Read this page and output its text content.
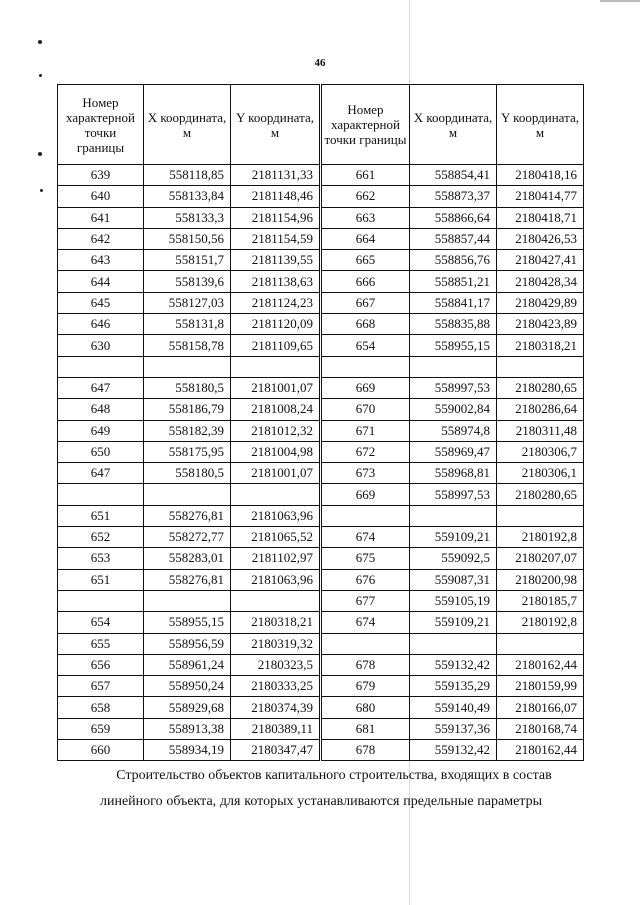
46
Номер характерной точки границы	X координата, м	Y координата, м
639	558118,85	2181131,33
640	558133,84	2181148,46
641	558133,3	2181154,96
642	558150,56	2181154,59
643	558151,7	2181139,55
644	558139,6	2181138,63
645	558127,03	2181124,23
646	558131,8	2181120,09
630	558158,78	2181109,65

647	558180,5	2181001,07
648	558186,79	2181008,24
649	558182,39	2181012,32
650	558175,95	2181004,98
647	558180,5	2181001,07

651	558276,81	2181063,96
652	558272,77	2181065,52
653	558283,01	2181102,97
651	558276,81	2181063,96

654	558955,15	2180318,21
655	558956,59	2180319,32
656	558961,24	2180323,5
657	558950,24	2180333,25
658	558929,68	2180374,39
659	558913,38	2180389,11
660	558934,19	2180347,47
Номер характерной точки границы	X координата, м	Y координата, м
661	558854,41	2180418,16
662	558873,37	2180414,77
663	558866,64	2180418,71
664	558857,44	2180426,53
665	558856,76	2180427,41
666	558851,21	2180428,34
667	558841,17	2180429,89
668	558835,88	2180423,89
654	558955,15	2180318,21

669	558997,53	2180280,65
670	559002,84	2180286,64
671	558974,8	2180311,48
672	558969,47	2180306,7
673	558968,81	2180306,1
669	558997,53	2180280,65

674	559109,21	2180192,8
675	559092,5	2180207,07
676	559087,31	2180200,98
677	559105,19	2180185,7
674	559109,21	2180192,8

678	559132,42	2180162,44
679	559135,29	2180159,99
680	559140,49	2180166,07
681	559137,36	2180168,74
678	559132,42	2180162,44
Строительство объектов капитального строительства, входящих в состав
линейного объекта, для которых устанавливаются предельные параметры
